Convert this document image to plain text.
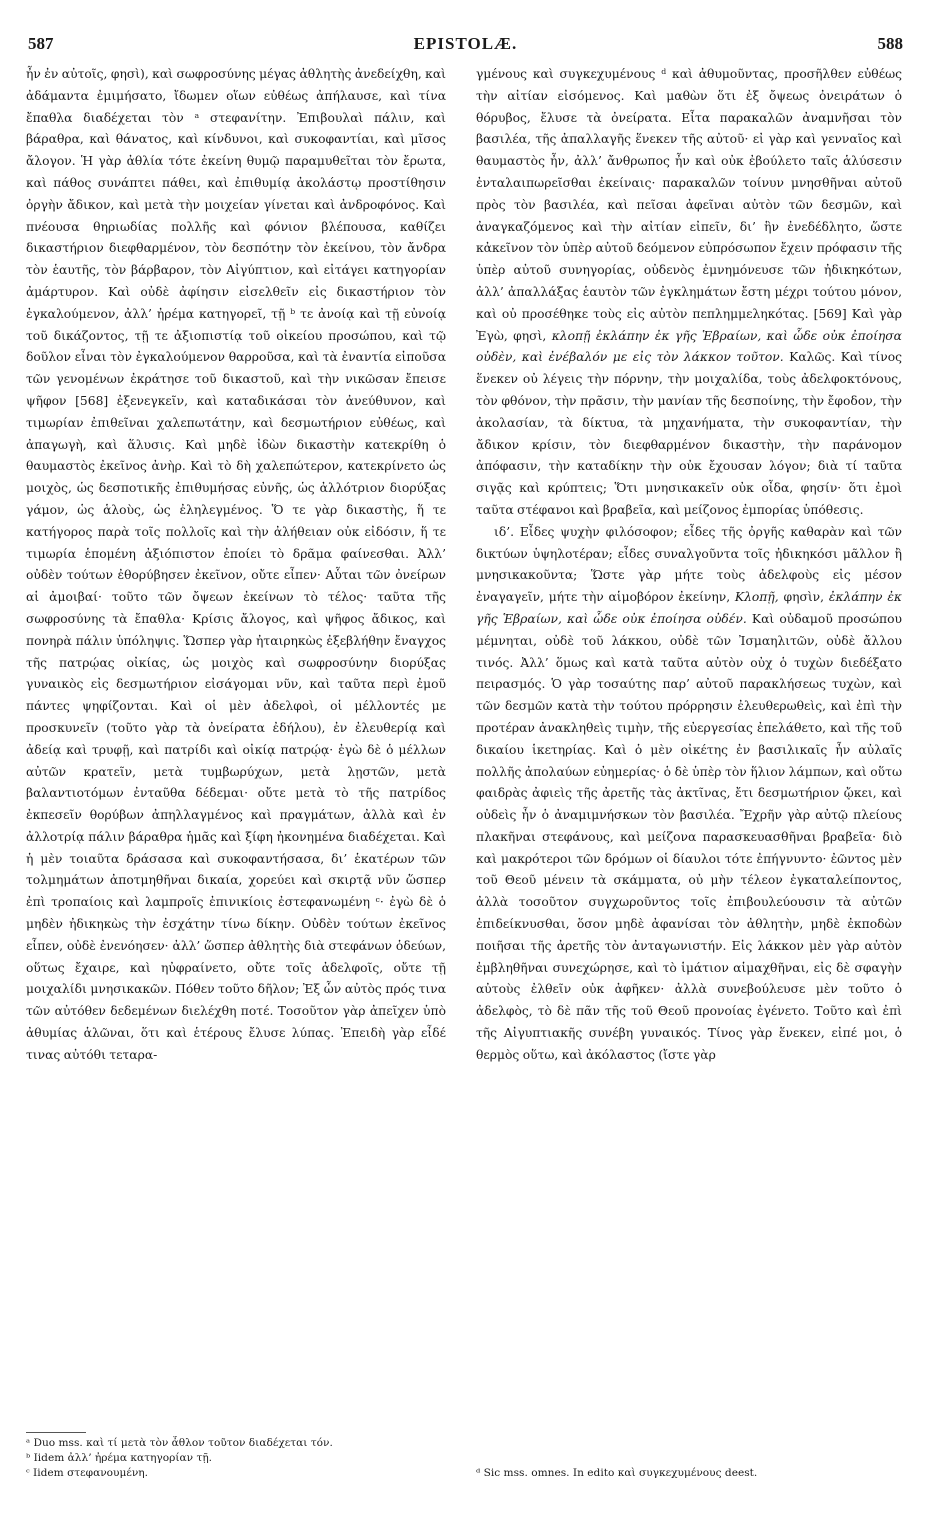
587	EPISTOLÆ.	588

ἦν ἐν αὐτοῖς, φησὶ), καὶ σωφροσύνης μέγας ἀθλητὴς ἀνεδείχθη, καὶ ἀδάμαντα ἐμιμήσατο, ἴδωμεν οἵων εὐθέως ἀπήλαυσε, καὶ τίνα ἔπαθλα διαδέχεται τὸν ᵃ στεφανίτην. Ἐπιβουλαὶ πάλιν, καὶ βάραθρα, καὶ θάνατος, καὶ κίνδυνοι, καὶ συκοφαντίαι, καὶ μῖσος ἄλογον. Ἡ γὰρ ἀθλία τότε ἐκείνη θυμῷ παραμυθεῖται τὸν ἔρωτα, καὶ πάθος συνάπτει πάθει, καὶ ἐπιθυμίᾳ ἀκολάστῳ προστίθησιν ὀργὴν ἄδικον, καὶ μετὰ τὴν μοιχείαν γίνεται καὶ ἀνδροφόνος. Καὶ πνέουσα θηριωδίας πολλῆς καὶ φόνιον βλέπουσα, καθίζει δικαστήριον διεφθαρμένον, τὸν δεσπότην τὸν ἐκείνου, τὸν ἄνδρα τὸν ἑαυτῆς, τὸν βάρβαρον, τὸν Αἰγύπτιον, καὶ εἰτάγει κατηγορίαν ἀμάρτυρον. Καὶ οὐδὲ ἀφίησιν εἰσελθεῖν εἰς δικαστήριον τὸν ἐγκαλούμενον, ἀλλ’ ἠρέμα κατηγορεῖ, τῇ ᵇ τε ἀνοίᾳ καὶ τῇ εὐνοίᾳ τοῦ δικάζοντος, τῇ τε ἀξιοπιστίᾳ τοῦ οἰκείου προσώπου, καὶ τῷ δοῦλον εἶναι τὸν ἐγκαλούμενον θαρροῦσα, καὶ τὰ ἐναντία εἰποῦσα τῶν γενομένων ἐκράτησε τοῦ δικαστοῦ, καὶ τὴν νικῶσαν ἔπεισε ψῆφον [568] ἐξενεγκεῖν, καὶ καταδικάσαι τὸν ἀνεύθυνον, καὶ τιμωρίαν ἐπιθεῖναι χαλεπωτάτην, καὶ δεσμωτήριον εὐθέως, καὶ ἀπαγωγὴ, καὶ ἅλυσις. Καὶ μηδὲ ἰδὼν δικαστὴν κατεκρίθη ὁ θαυμαστὸς ἐκεῖνος ἀνὴρ. Καὶ τὸ δὴ χαλεπώτερον, κατεκρίνετο ὡς μοιχὸς, ὡς δεσποτικῆς ἐπιθυμήσας εὐνῆς, ὡς ἀλλότριον διορύξας γάμον, ὡς ἁλοὺς, ὡς ἐληλεγμένος. Ὅ τε γὰρ δικαστὴς, ἥ τε κατήγορος παρὰ τοῖς πολλοῖς καὶ τὴν ἀλήθειαν οὐκ εἰδόσιν, ἥ τε τιμωρία ἑπομένη ἀξιόπιστον ἐποίει τὸ δρᾶμα φαίνεσθαι. Ἀλλ’ οὐδὲν τούτων ἐθορύβησεν ἐκεῖνον, οὔτε εἶπεν· Αὗται τῶν ὀνείρων αἱ ἀμοιβαί· τοῦτο τῶν ὄψεων ἐκείνων τὸ τέλος· ταῦτα τῆς σωφροσύνης τὰ ἔπαθλα· Κρίσις ἄλογος, καὶ ψῆφος ἄδικος, καὶ πονηρὰ πάλιν ὑπόληψις. Ὥσπερ γὰρ ἠταιρηκὼς ἐξεβλήθην ἔναγχος τῆς πατρῴας οἰκίας, ὡς μοιχὸς καὶ σωφροσύνην διορύξας γυναικὸς εἰς δεσμωτήριον εἰσάγομαι νῦν, καὶ ταῦτα περὶ ἐμοῦ πάντες ψηφίζονται. Καὶ οἱ μὲν ἀδελφοὶ, οἱ μέλλοντές με προσκυνεῖν (τοῦτο γὰρ τὰ ὀνείρατα ἐδήλου), ἐν ἐλευθερίᾳ καὶ ἀδείᾳ καὶ τρυφῇ, καὶ πατρίδι καὶ οἰκίᾳ πατρῴᾳ· ἐγὼ δὲ ὁ μέλλων αὐτῶν κρατεῖν, μετὰ τυμβωρύχων, μετὰ λῃστῶν, μετὰ βαλαντιοτόμων ἐνταῦθα δέδεμαι· οὔτε μετὰ τὸ τῆς πατρίδος ἐκπεσεῖν θορύβων ἀπηλλαγμένος καὶ πραγμάτων, ἀλλὰ καὶ ἐν ἀλλοτρίᾳ πάλιν βάραθρα ἡμᾶς καὶ ξίφη ἠκονημένα διαδέχεται. Καὶ ἡ μὲν τοιαῦτα δράσασα καὶ συκοφαντήσασα, δι’ ἑκατέρων τῶν τολμημάτων ἀποτμηθῆναι δικαία, χορεύει καὶ σκιρτᾷ νῦν ὥσπερ ἐπὶ τροπαίοις καὶ λαμπροῖς ἐπινικίοις ἐστεφανωμένη ᶜ· ἐγὼ δὲ ὁ μηδὲν ἠδικηκὼς τὴν ἐσχάτην τίνω δίκην. Οὐδὲν τούτων ἐκεῖνος εἶπεν, οὐδὲ ἐνενόησεν· ἀλλ’ ὥσπερ ἀθλητὴς διὰ στεφάνων ὁδεύων, οὕτως ἔχαιρε, καὶ ηὐφραίνετο, οὔτε τοῖς ἀδελφοῖς, οὔτε τῇ μοιχαλίδι μνησικακῶν. Πόθεν τοῦτο δῆλον; Ἐξ ὧν αὐτὸς πρός τινα τῶν αὐτόθεν δεδεμένων διελέχθη ποτέ. Τοσοῦτον γὰρ ἀπεῖχεν ὑπὸ ἀθυμίας ἁλῶναι, ὅτι καὶ ἑτέρους ἔλυσε λύπας. Ἐπειδὴ γὰρ εἶδέ τινας αὐτόθι τεταρα-

γμένους καὶ συγκεχυμένους ᵈ καὶ ἀθυμοῦντας, προσῆλθεν εὐθέως τὴν αἰτίαν εἰσόμενος. Καὶ μαθὼν ὅτι ἐξ ὄψεως ὀνειράτων ὁ θόρυβος, ἔλυσε τὰ ὀνείρατα. Εἶτα παρακαλῶν ἀναμνῆσαι τὸν βασιλέα, τῆς ἀπαλλαγῆς ἕνεκεν τῆς αὐτοῦ· εἰ γὰρ καὶ γενναῖος καὶ θαυμαστὸς ἦν, ἀλλ’ ἄνθρωπος ἦν καὶ οὐκ ἐβούλετο ταῖς ἁλύσεσιν ἐνταλαιπωρεῖσθαι ἐκείναις· παρακαλῶν τοίνυν μνησθῆναι αὐτοῦ πρὸς τὸν βασιλέα, καὶ πεῖσαι ἀφεῖναι αὐτὸν τῶν δεσμῶν, καὶ ἀναγκαζόμενος καὶ τὴν αἰτίαν εἰπεῖν, δι’ ἣν ἐνεδέδλητο, ὥστε κἀκεῖνον τὸν ὑπὲρ αὐτοῦ δεόμενον εὐπρόσωπον ἔχειν πρόφασιν τῆς ὑπὲρ αὐτοῦ συνηγορίας, οὐδενὸς ἐμνημόνευσε τῶν ἠδικηκότων, ἀλλ’ ἀπαλλάξας ἑαυτὸν τῶν ἐγκλημάτων ἔστη μέχρι τούτου μόνον, καὶ οὐ προσέθηκε τοὺς εἰς αὐτὸν πεπλημμεληκότας. [569] Καὶ γὰρ Ἐγὼ, φησὶ, κλοπῇ ἐκλάπην ἐκ γῆς Ἑβραίων, καὶ ὧδε οὐκ ἐποίησα οὐδὲν, καὶ ἐνέβαλόν με εἰς τὸν λάκκον τοῦτον. Καλῶς. Καὶ τίνος ἕνεκεν οὐ λέγεις τὴν πόρνην, τὴν μοιχαλίδα, τοὺς ἀδελφοκτόνους, τὸν φθόνον, τὴν πρᾶσιν, τὴν μανίαν τῆς δεσποίνης, τὴν ἔφοδον, τὴν ἀκολασίαν, τὰ δίκτυα, τὰ μηχανήματα, τὴν συκοφαντίαν, τὴν ἄδικον κρίσιν, τὸν διεφθαρμένον δικαστὴν, τὴν παράνομον ἀπόφασιν, τὴν καταδίκην τὴν οὐκ ἔχουσαν λόγον; διὰ τί ταῦτα σιγᾷς καὶ κρύπτεις; Ὅτι μνησικακεῖν οὐκ οἶδα, φησίν· ὅτι ἐμοὶ ταῦτα στέφανοι καὶ βραβεῖα, καὶ μείζονος ἐμπορίας ὑπόθεσις.

ιδ’. Εἶδες ψυχὴν φιλόσοφον; εἶδες τῆς ὀργῆς καθαρὰν καὶ τῶν δικτύων ὑψηλοτέραν; εἶδες συναλγοῦντα τοῖς ἠδικηκόσι μᾶλλον ἢ μνησικακοῦντα; Ὥστε γὰρ μήτε τοὺς ἀδελφοὺς εἰς μέσον ἐναγαγεῖν, μήτε τὴν αἱμοβόρον ἐκείνην, Κλοπῇ, φησὶν, ἐκλάπην ἐκ γῆς Ἑβραίων, καὶ ὧδε οὐκ ἐποίησα οὐδέν. Καὶ οὐδαμοῦ προσώπου μέμνηται, οὐδὲ τοῦ λάκκου, οὐδὲ τῶν Ἰσμαηλιτῶν, οὐδὲ ἄλλου τινός. Ἀλλ’ ὅμως καὶ κατὰ ταῦτα αὐτὸν οὐχ ὁ τυχὼν διεδέξατο πειρασμός. Ὁ γὰρ τοσαύτης παρ’ αὐτοῦ παρακλήσεως τυχὼν, καὶ τῶν δεσμῶν κατὰ τὴν τούτου πρόρρησιν ἐλευθερωθεὶς, καὶ ἐπὶ τὴν προτέραν ἀνακληθεὶς τιμὴν, τῆς εὐεργεσίας ἐπελάθετο, καὶ τῆς τοῦ δικαίου ἱκετηρίας. Καὶ ὁ μὲν οἰκέτης ἐν βασιλικαῖς ἦν αὐλαῖς πολλῆς ἀπολαύων εὐημερίας· ὁ δὲ ὑπὲρ τὸν ἥλιον λάμπων, καὶ οὕτω φαιδρὰς ἀφιεὶς τῆς ἀρετῆς τὰς ἀκτῖνας, ἔτι δεσμωτήριον ᾤκει, καὶ οὐδεὶς ἦν ὁ ἀναμιμνήσκων τὸν βασιλέα. Ἔχρῆν γὰρ αὐτῷ πλείους πλακῆναι στεφάνους, καὶ μείζονα παρασκευασθῆναι βραβεῖα· διὸ καὶ μακρότεροι τῶν δρόμων οἱ δίαυλοι τότε ἐπήγνυντο· ἐῶντος μὲν τοῦ Θεοῦ μένειν τὰ σκάμματα, οὐ μὴν τέλεον ἐγκαταλείποντος, ἀλλὰ τοσοῦτον συγχωροῦντος τοῖς ἐπιβουλεύουσιν τὰ αὐτῶν ἐπιδείκνυσθαι, ὅσον μηδὲ ἀφανίσαι τὸν ἀθλητὴν, μηδὲ ἐκποδὼν ποιῆσαι τῆς ἀρετῆς τὸν ἀνταγωνιστήν. Εἰς λάκκον μὲν γὰρ αὐτὸν ἐμβληθῆναι συνεχώρησε, καὶ τὸ ἱμάτιον αἱμαχθῆναι, εἰς δὲ σφαγὴν αὐτοὺς ἐλθεῖν οὐκ ἀφῆκεν· ἀλλὰ συνεβούλευσε μὲν τοῦτο ὁ ἀδελφὸς, τὸ δὲ πᾶν τῆς τοῦ Θεοῦ προνοίας ἐγένετο. Τοῦτο καὶ ἐπὶ τῆς Αἰγυπτιακῆς συνέβη γυναικός. Τίνος γὰρ ἕνεκεν, εἰπέ μοι, ὁ θερμὸς οὕτω, καὶ ἀκόλαστος (ἴστε γὰρ

ᵃ Duo mss. καὶ τί μετὰ τὸν ἆθλον τοῦτον διαδέχεται τόν.

ᵇ Iidem ἀλλ’ ἠρέμα κατηγορίαν τῇ.

ᶜ Iidem στεφανουμένη.	ᵈ Sic mss. omnes. In edito καὶ συγκεχυμένους deest.
